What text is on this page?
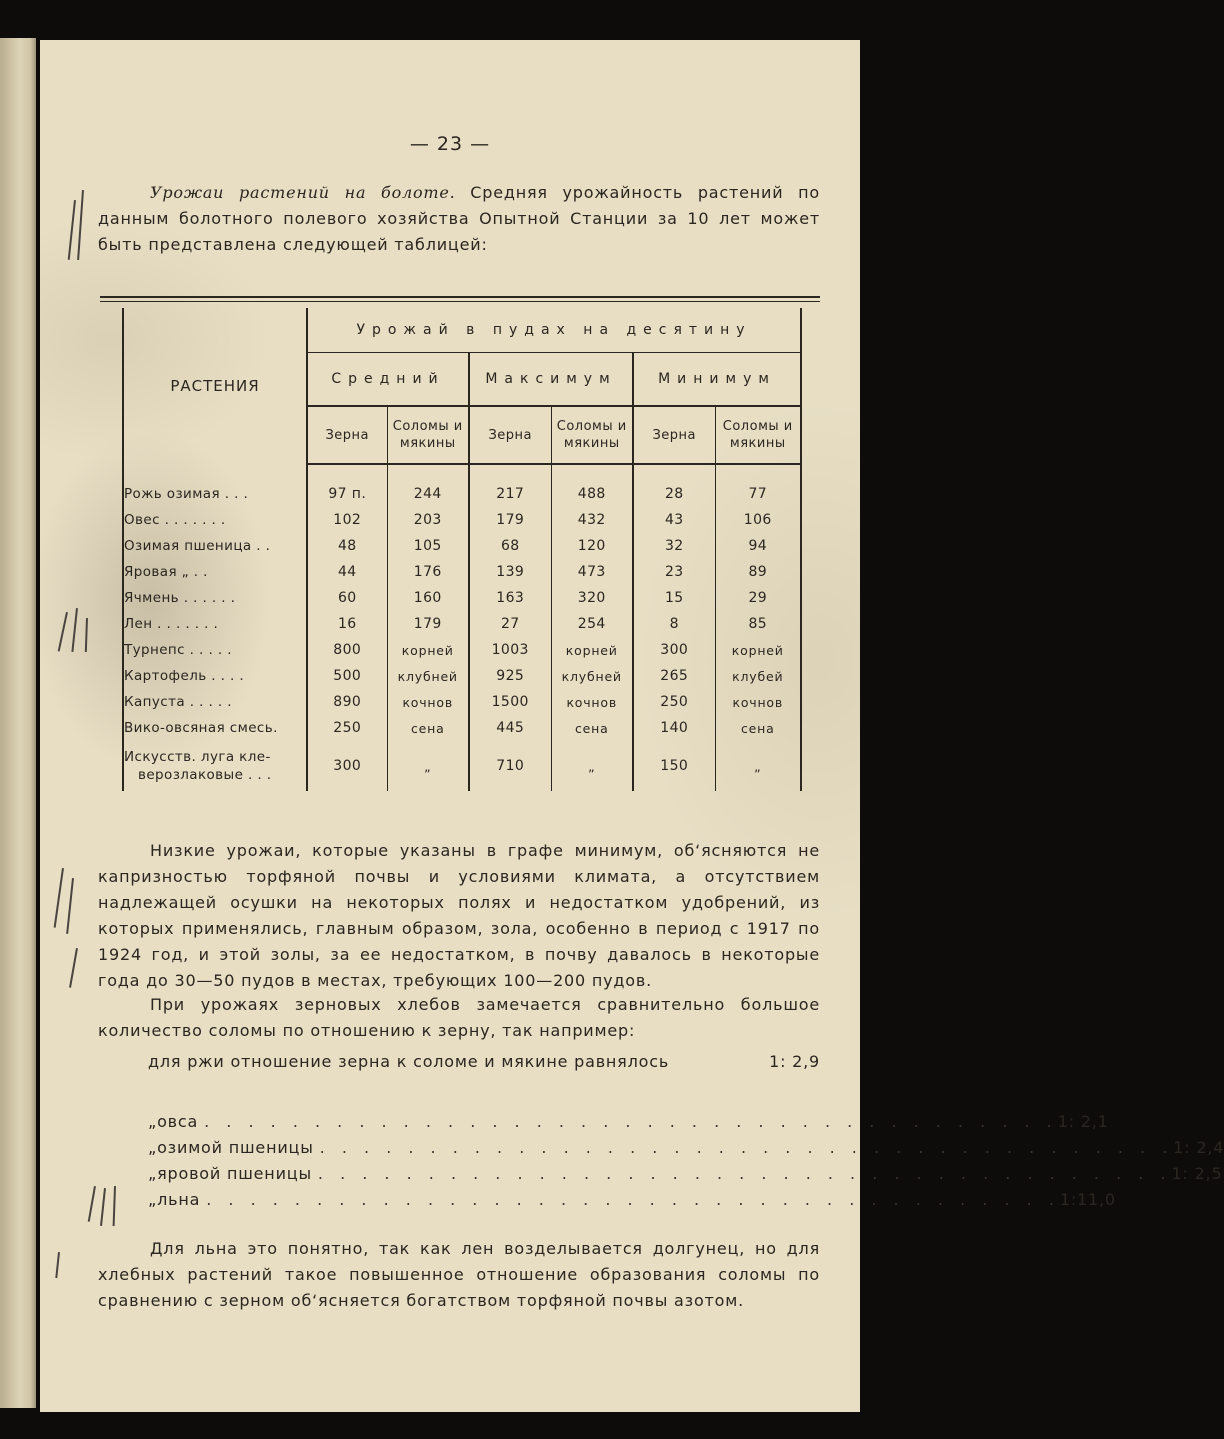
— 23 —

Урожаи растений на болоте. Средняя урожайность растений по данным болотного полевого хозяйства Опытной Станции за 10 лет может быть представлена следующей таблицей:

РАСТЕНИЯ	Урожай в пудах на десятину					
	Средний		Максимум		Минимум	
	Зерна	Соломы и мякины	Зерна	Соломы и мякины	Зерна	Соломы и мякины

Рожь озимая . . .	97 п.	244	217	488	28	77
Овес . . . . . . .	102	203	179	432	43	106
Озимая пшеница . .	48	105	68	120	32	94
Яровая „ . .	44	176	139	473	23	89
Ячмень . . . . . .	60	160	163	320	15	29
Лен . . . . . . .	16	179	27	254	8	85
Турнепс . . . . .	800	корней	1003	корней	300	корней
Картофель . . . .	500	клубней	925	клубней	265	клубей
Капуста . . . . .	890	кочнов	1500	кочнов	250	кочнов
Вико-овсяная смесь.	250	сена	445	сена	140	сена

Искусств. луга кле-
верозлаковые . . .	300	„	710	„	150	„

Низкие урожаи, которые указаны в графе минимум, об‘ясняются не капризностью торфяной почвы и условиями климата, а отсутствием надлежащей осушки на некоторых полях и недостатком удобрений, из которых применялись, главным образом, зола, особенно в период с 1917 по 1924 год, и этой золы, за ее недостатком, в почву давалось в некоторые года до 30—50 пудов в местах, требующих 100—200 пудов.

При урожаях зерновых хлебов замечается сравнительно большое количество соломы по отношению к зерну, так например:

для ржи отношение зерна к соломе и мякине равнялось	1: 2,9
„ овса . . . . . . . . . . . . . . . . . . . . . . . . . . . . . . . . . . . . . . . 1: 2,1
„ озимой пшеницы . . . . . . . . . . . . . . . . . . . . . . . . . . . . . . . . . . . . . . . 1: 2,4
„ яровой пшеницы . . . . . . . . . . . . . . . . . . . . . . . . . . . . . . . . . . . . . . . 1: 2,5
„ льна . . . . . . . . . . . . . . . . . . . . . . . . . . . . . . . . . . . . . . . 1:11,0

Для льна это понятно, так как лен возделывается долгунец, но для хлебных растений такое повышенное отношение образования соломы по сравнению с зерном об‘ясняется богатством торфяной почвы азотом.
